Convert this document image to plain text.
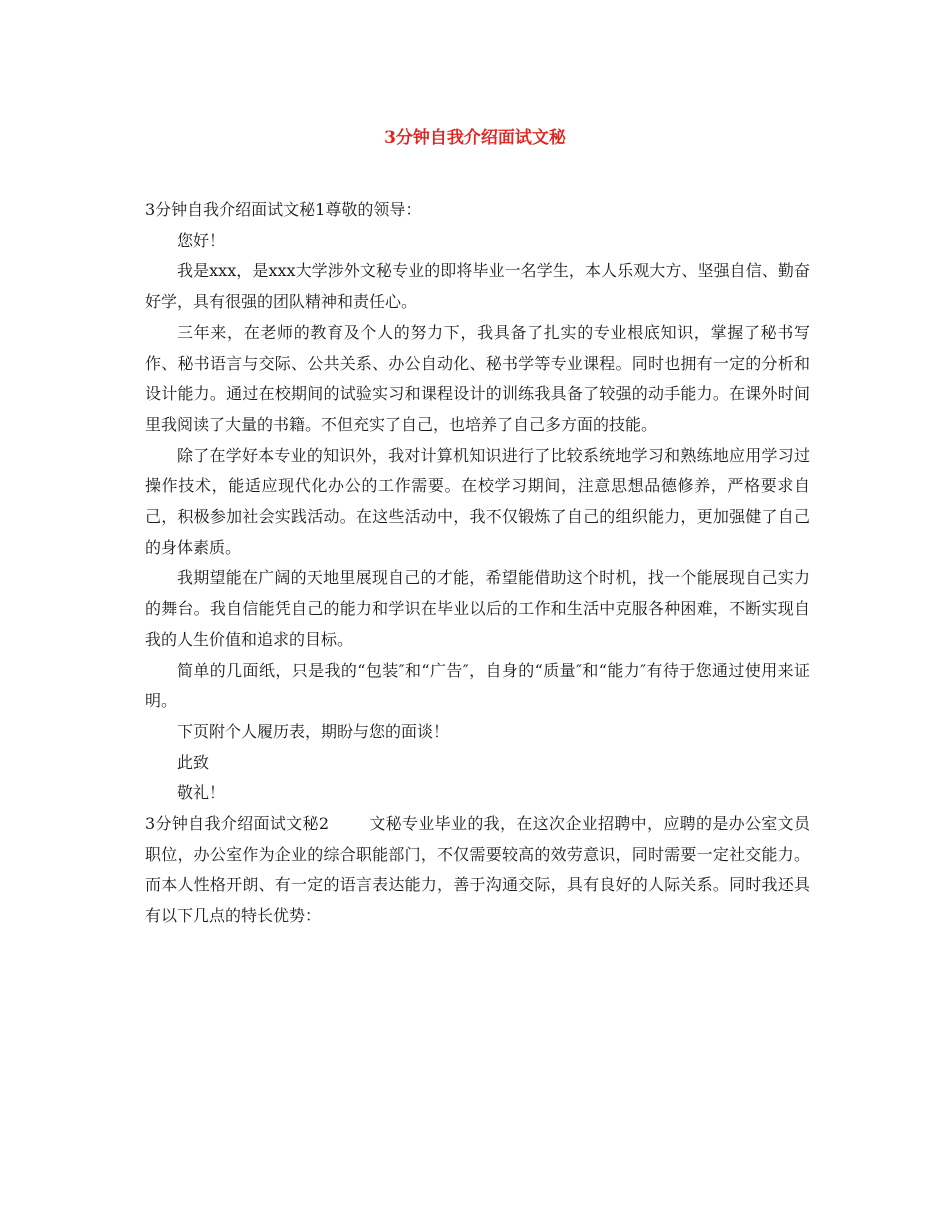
3分钟自我介绍面试文秘

3分钟自我介绍面试文秘1尊敬的领导：

您好！

我是xxx，是xxx大学涉外文秘专业的即将毕业一名学生，本人乐观大方、坚强自信、勤奋好学，具有很强的团队精神和责任心。

三年来，在老师的教育及个人的努力下，我具备了扎实的专业根底知识，掌握了秘书写作、秘书语言与交际、公共关系、办公自动化、秘书学等专业课程。同时也拥有一定的分析和设计能力。通过在校期间的试验实习和课程设计的训练我具备了较强的动手能力。在课外时间里我阅读了大量的书籍。不但充实了自己，也培养了自己多方面的技能。

除了在学好本专业的知识外，我对计算机知识进行了比较系统地学习和熟练地应用学习过操作技术，能适应现代化办公的工作需要。在校学习期间，注意思想品德修养，严格要求自己，积极参加社会实践活动。在这些活动中，我不仅锻炼了自己的组织能力，更加强健了自己的身体素质。

我期望能在广阔的天地里展现自己的才能，希望能借助这个时机，找一个能展现自己实力的舞台。我自信能凭自己的能力和学识在毕业以后的工作和生活中克服各种困难，不断实现自我的人生价值和追求的目标。

简单的几面纸，只是我的“包装″和“广告″，自身的“质量″和“能力″有待于您通过使用来证明。

下页附个人履历表，期盼与您的面谈！

此致

敬礼！

3分钟自我介绍面试文秘2	文秘专业毕业的我，在这次企业招聘中，应聘的是办公室文员职位，办公室作为企业的综合职能部门，不仅需要较高的效劳意识，同时需要一定社交能力。而本人性格开朗、有一定的语言表达能力，善于沟通交际，具有良好的人际关系。同时我还具有以下几点的特长优势：
